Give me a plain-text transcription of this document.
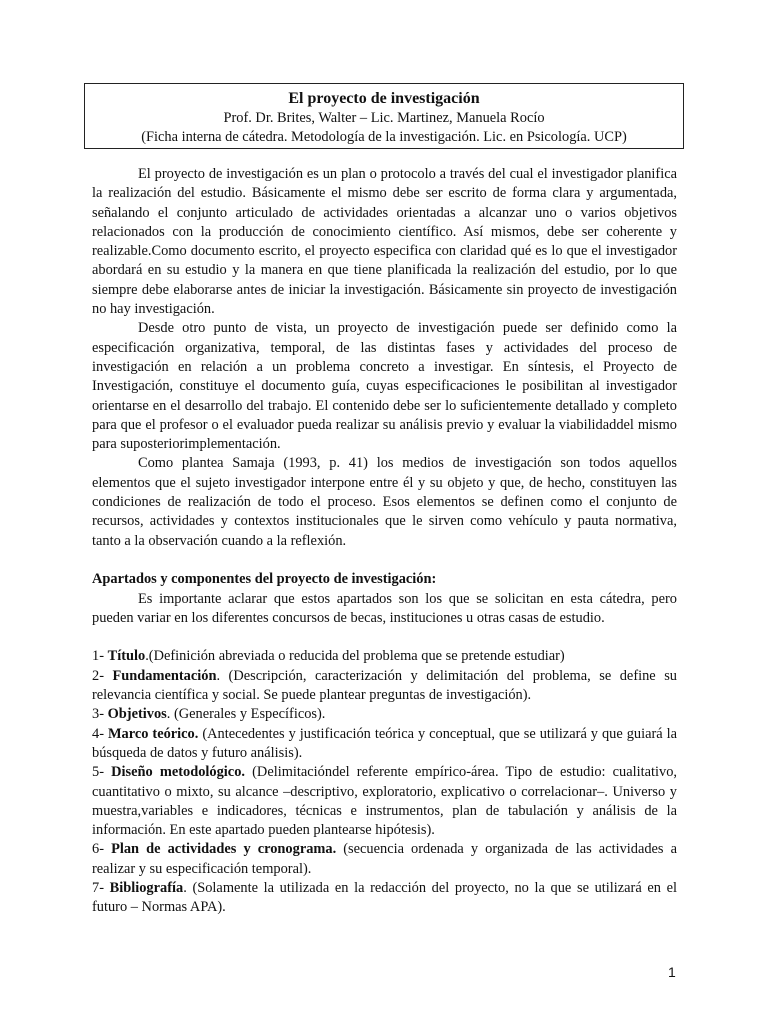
El proyecto de investigación
Prof. Dr. Brites, Walter – Lic. Martinez, Manuela Rocío
(Ficha interna de cátedra. Metodología de la investigación. Lic. en Psicología. UCP)

El proyecto de investigación es un plan o protocolo a través del cual el investigador planifica la realización del estudio. Básicamente el mismo debe ser escrito de forma clara y argumentada, señalando el conjunto articulado de actividades orientadas a alcanzar uno o varios objetivos relacionados con la producción de conocimiento científico. Así mismos, debe ser coherente y realizable.Como documento escrito, el proyecto especifica con claridad qué es lo que el investigador abordará en su estudio y la manera en que tiene planificada la realización del estudio, por lo que siempre debe elaborarse antes de iniciar la investigación. Básicamente sin proyecto de investigación no hay investigación.

Desde otro punto de vista, un proyecto de investigación puede ser definido como la especificación organizativa, temporal, de las distintas fases y actividades del proceso de investigación en relación a un problema concreto a investigar. En síntesis, el Proyecto de Investigación, constituye el documento guía, cuyas especificaciones le posibilitan al investigador orientarse en el desarrollo del trabajo. El contenido debe ser lo suficientemente detallado y completo para que el profesor o el evaluador pueda realizar su análisis previo y evaluar la viabilidaddel mismo para suposteriorimplementación.

Como plantea Samaja (1993, p. 41) los medios de investigación son todos aquellos elementos que el sujeto investigador interpone entre él y su objeto y que, de hecho, constituyen las condiciones de realización de todo el proceso. Esos elementos se definen como el conjunto de recursos, actividades y contextos institucionales que le sirven como vehículo y pauta normativa, tanto a la observación cuando a la reflexión.

Apartados y componentes del proyecto de investigación:

Es importante aclarar que estos apartados son los que se solicitan en esta cátedra, pero pueden variar en los diferentes concursos de becas, instituciones u otras casas de estudio.

1- Título.(Definición abreviada o reducida del problema que se pretende estudiar)

2- Fundamentación. (Descripción, caracterización y delimitación del problema, se define su relevancia científica y social. Se puede plantear preguntas de investigación).

3- Objetivos. (Generales y Específicos).

4- Marco teórico. (Antecedentes y justificación teórica y conceptual, que se utilizará y que guiará la búsqueda de datos y futuro análisis).

5- Diseño metodológico. (Delimitacióndel referente empírico-área. Tipo de estudio: cualitativo, cuantitativo o mixto, su alcance –descriptivo, exploratorio, explicativo o correlacionar–. Universo y muestra,variables e indicadores, técnicas e instrumentos, plan de tabulación y análisis de la información. En este apartado pueden plantearse hipótesis).

6- Plan de actividades y cronograma. (secuencia ordenada y organizada de las actividades a realizar y su especificación temporal).

7- Bibliografía. (Solamente la utilizada en la redacción del proyecto, no la que se utilizará en el futuro – Normas APA).

1
